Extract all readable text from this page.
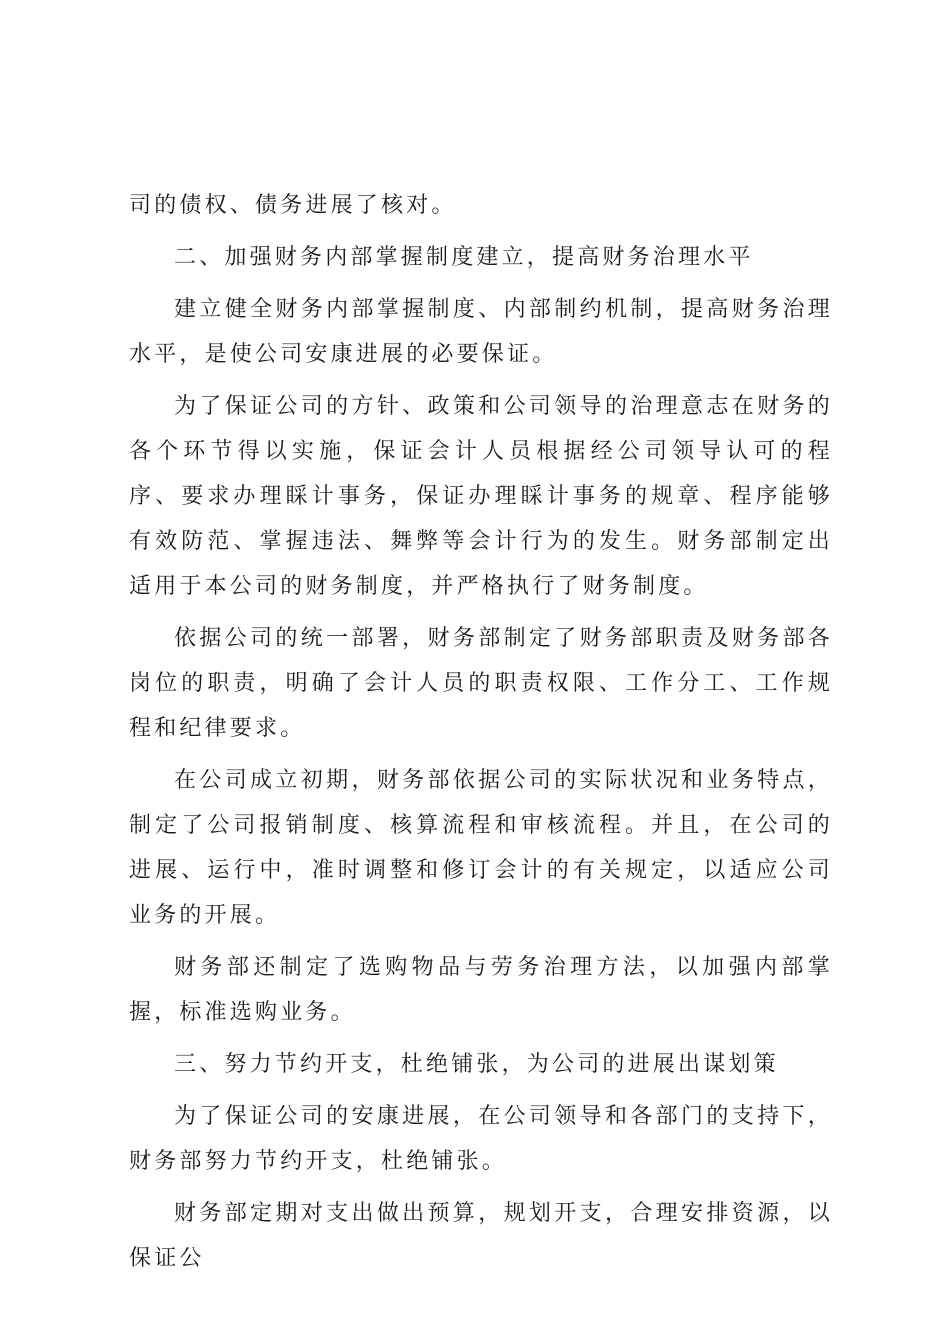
司的债权、债务进展了核对。

二、加强财务内部掌握制度建立，提高财务治理水平

建立健全财务内部掌握制度、内部制约机制，提高财务治理水平，是使公司安康进展的必要保证。

为了保证公司的方针、政策和公司领导的治理意志在财务的各个环节得以实施，保证会计人员根据经公司领导认可的程序、要求办理睬计事务，保证办理睬计事务的规章、程序能够有效防范、掌握违法、舞弊等会计行为的发生。财务部制定出适用于本公司的财务制度，并严格执行了财务制度。

依据公司的统一部署，财务部制定了财务部职责及财务部各岗位的职责，明确了会计人员的职责权限、工作分工、工作规程和纪律要求。

在公司成立初期，财务部依据公司的实际状况和业务特点，制定了公司报销制度、核算流程和审核流程。并且，在公司的进展、运行中，准时调整和修订会计的有关规定，以适应公司业务的开展。

财务部还制定了选购物品与劳务治理方法，以加强内部掌握，标准选购业务。

三、努力节约开支，杜绝铺张，为公司的进展出谋划策

为了保证公司的安康进展，在公司领导和各部门的支持下，财务部努力节约开支，杜绝铺张。

财务部定期对支出做出预算，规划开支，合理安排资源，以保证公
